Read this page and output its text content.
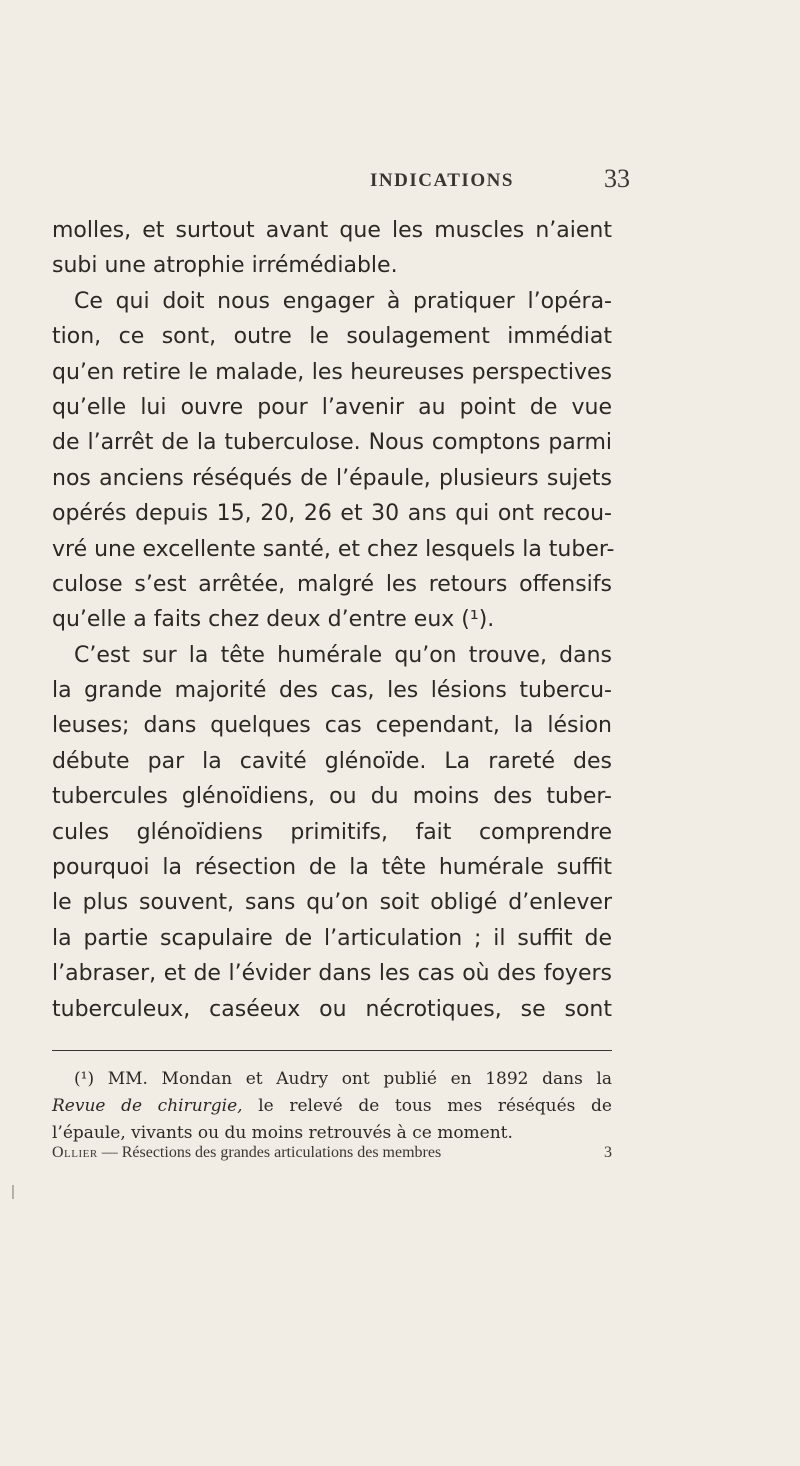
INDICATIONS	33
molles, et surtout avant que les muscles n’aient
subi une atrophie irrémédiable.
Ce qui doit nous engager à pratiquer l’opéra-
tion, ce sont, outre le soulagement immédiat
qu’en retire le malade, les heureuses perspectives
qu’elle lui ouvre pour l’avenir au point de vue
de l’arrêt de la tuberculose. Nous comptons parmi
nos anciens réséqués de l’épaule, plusieurs sujets
opérés depuis 15, 20, 26 et 30 ans qui ont recou-
vré une excellente santé, et chez lesquels la tuber-
culose s’est arrêtée, malgré les retours offensifs
qu’elle a faits chez deux d’entre eux (¹).
C’est sur la tête humérale qu’on trouve, dans
la grande majorité des cas, les lésions tubercu-
leuses; dans quelques cas cependant, la lésion
débute par la cavité glénoïde. La rareté des
tubercules glénoïdiens, ou du moins des tuber-
cules glénoïdiens primitifs, fait comprendre
pourquoi la résection de la tête humérale suffit
le plus souvent, sans qu’on soit obligé d’enlever
la partie scapulaire de l’articulation ; il suffit de
l’abraser, et de l’évider dans les cas où des foyers
tuberculeux, caséeux ou nécrotiques, se sont
(¹) MM. Mondan et Audry ont publié en 1892 dans la
Revue de chirurgie, le relevé de tous mes réséqués de
l’épaule, vivants ou du moins retrouvés à ce moment.
Ollier — Résections des grandes articulations des membres	3
